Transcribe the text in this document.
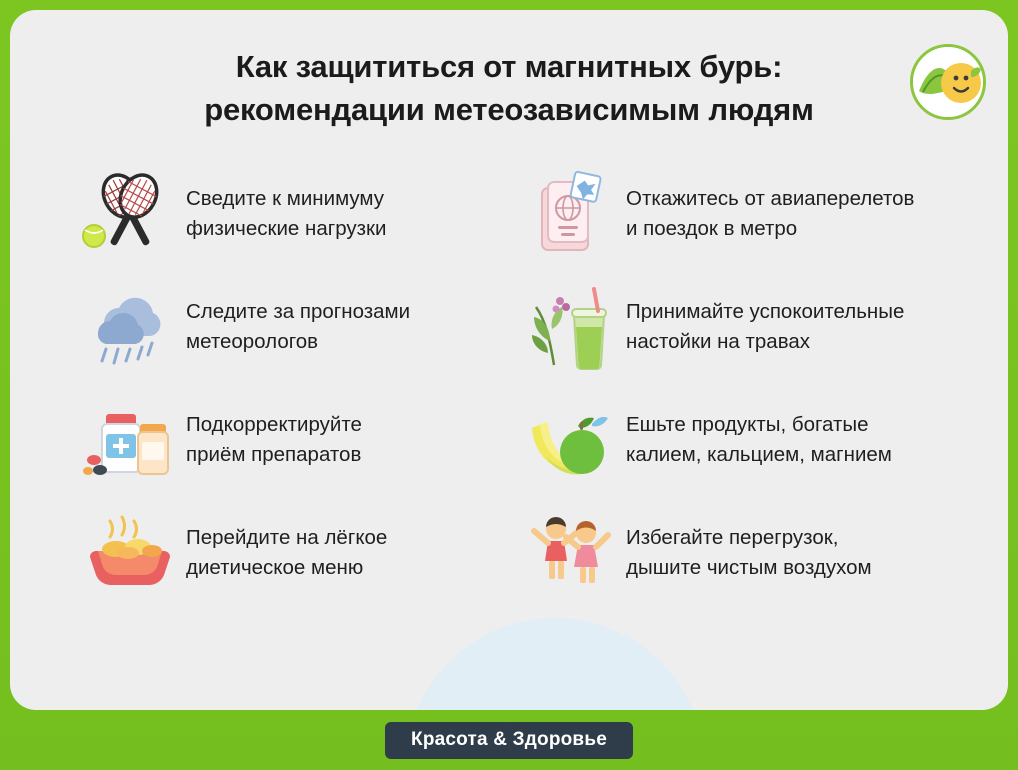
Как защититься от магнитных бурь:
рекомендации метеозависимым людям
Сведите к минимуму
физические нагрузки
Откажитесь от авиаперелетов
и поездок в метро
Следите за прогнозами
метеорологов
Принимайте успокоительные
настойки на травах
Подкорректируйте
приём препаратов
Ешьте продукты, богатые
калием, кальцием, магнием
Перейдите на лёгкое
диетическое меню
Избегайте перегрузок,
дышите чистым воздухом
Красота & Здоровье
